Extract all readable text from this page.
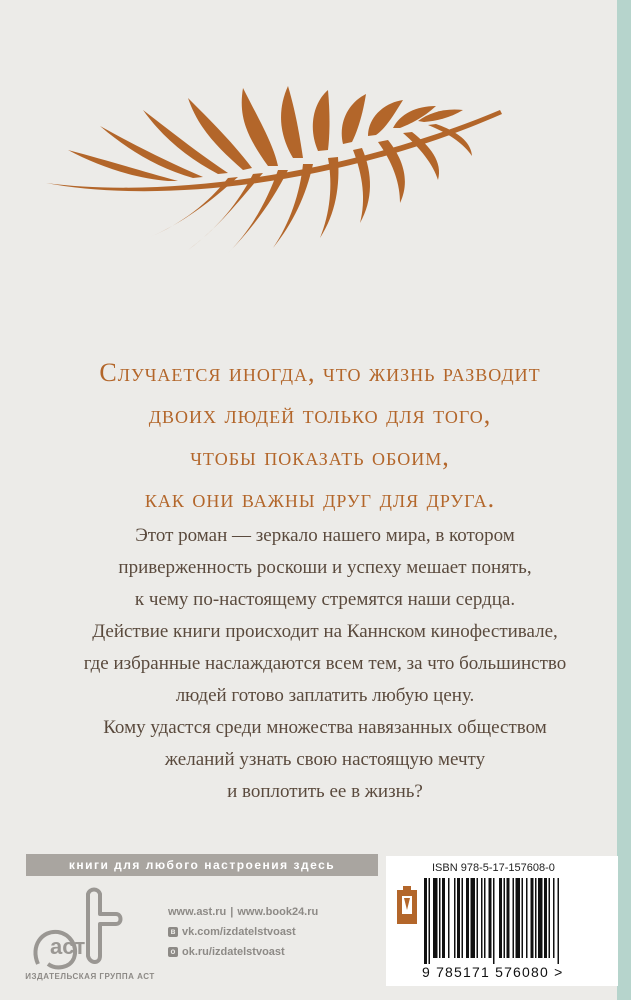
Случается иногда, что жизнь разводит
двоих людей только для того,
чтобы показать обоим,
как они важны друг для друга.
Этот роман — зеркало нашего мира, в котором
приверженность роскоши и успеху мешает понять,
к чему по-настоящему стремятся наши сердца.
Действие книги происходит на Каннском кинофестивале,
где избранные наслаждаются всем тем, за что большинство
людей готово заплатить любую цену.
Кому удастся среди множества навязанных обществом
желаний узнать свою настоящую мечту
и воплотить ее в жизнь?
книги для любого настроения здесь
аст
ИЗДАТЕЛЬСКАЯ ГРУППА АСТ
www.ast.ru | www.book24.ru
в vk.com/izdatelstvoast
о ok.ru/izdatelstvoast
ISBN 978-5-17-157608-0
9 785171 576080 >
